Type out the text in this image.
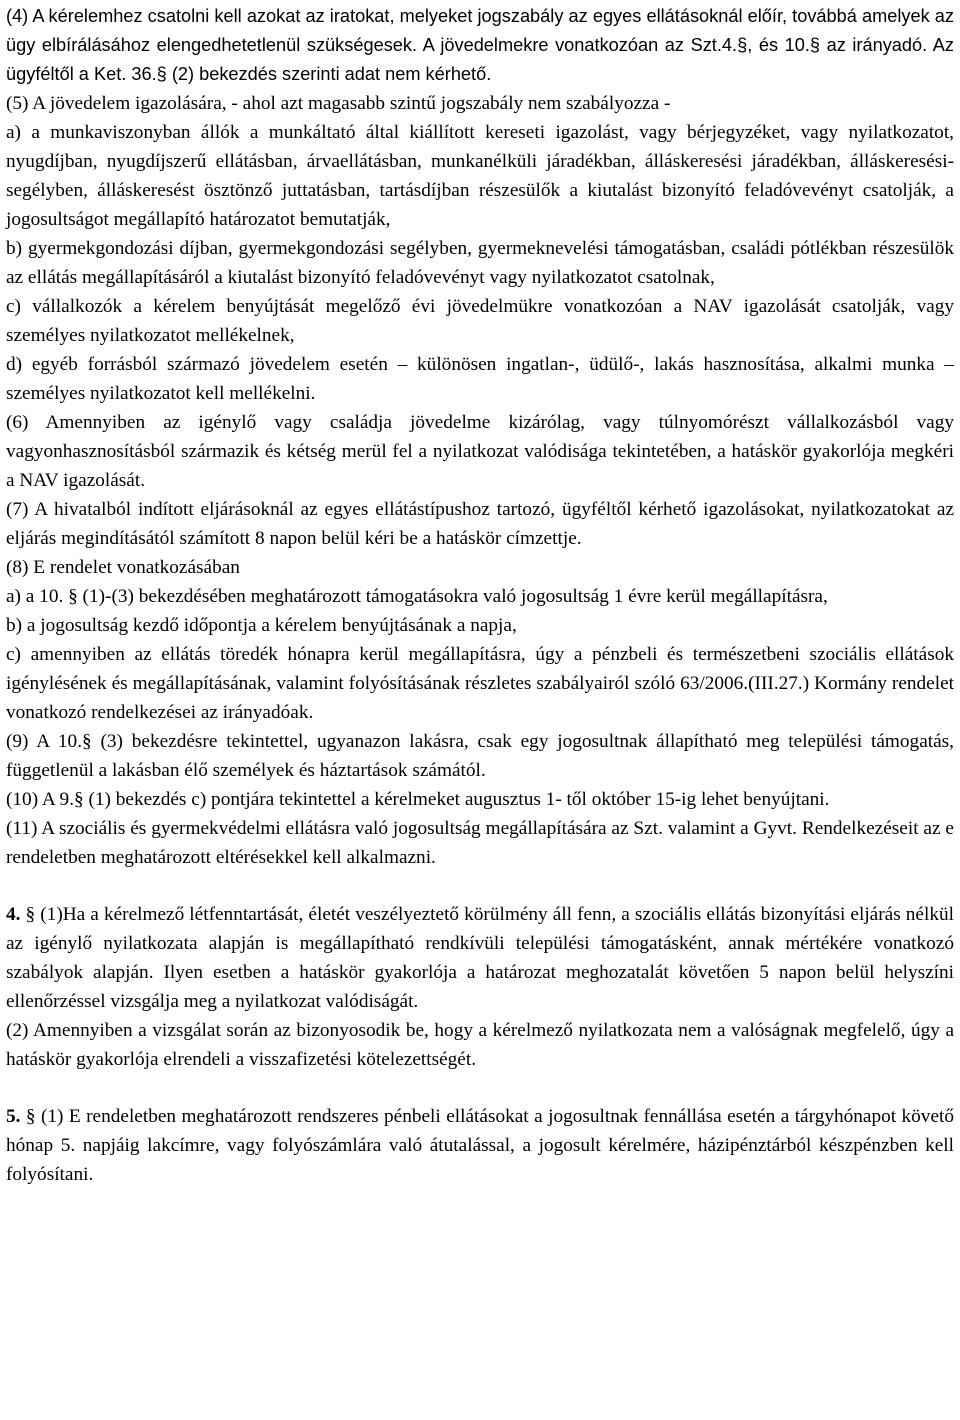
(4) A kérelemhez csatolni kell azokat az iratokat, melyeket jogszabály az egyes ellátásoknál előír, továbbá amelyek az ügy elbírálásához elengedhetetlenül szükségesek. A jövedelmekre vonatkozóan az Szt.4.§, és 10.§ az irányadó. Az ügyféltől a Ket. 36.§ (2) bekezdés szerinti adat nem kérhető.

(5) A jövedelem igazolására, - ahol azt magasabb szintű jogszabály nem szabályozza -

a) a munkaviszonyban állók a munkáltató által kiállított kereseti igazolást, vagy bérjegyzéket, vagy nyilatkozatot, nyugdíjban, nyugdíjszerű ellátásban, árvaellátásban, munkanélküli járadékban, álláskeresési járadékban, álláskeresési-segélyben, álláskeresést ösztönző juttatásban, tartásdíjban részesülők a kiutalást bizonyító feladóvevényt csatolják, a jogosultságot megállapító határozatot bemutatják,

b) gyermekgondozási díjban, gyermekgondozási segélyben, gyermeknevelési támogatásban, családi pótlékban részesülök az ellátás megállapításáról a kiutalást bizonyító feladóvevényt vagy nyilatkozatot csatolnak,

c) vállalkozók a kérelem benyújtását megelőző évi jövedelmükre vonatkozóan a NAV igazolását csatolják, vagy személyes nyilatkozatot mellékelnek,

d) egyéb forrásból származó jövedelem esetén – különösen ingatlan-, üdülő-, lakás hasznosítása, alkalmi munka – személyes nyilatkozatot kell mellékelni.

(6) Amennyiben az igénylő vagy családja jövedelme kizárólag, vagy túlnyomórészt vállalkozásból vagy vagyonhasznosításból származik és kétség merül fel a nyilatkozat valódisága tekintetében, a hatáskör gyakorlója megkéri a NAV igazolását.

(7) A hivatalból indított eljárásoknál az egyes ellátástípushoz tartozó, ügyféltől kérhető igazolásokat, nyilatkozatokat az eljárás megindításától számított 8 napon belül kéri be a hatáskör címzettje.

(8) E rendelet vonatkozásában

a) a 10. § (1)-(3) bekezdésében meghatározott támogatásokra való jogosultság 1 évre kerül megállapításra,

b) a jogosultság kezdő időpontja a kérelem benyújtásának a napja,

c) amennyiben az ellátás töredék hónapra kerül megállapításra, úgy a pénzbeli és természetbeni szociális ellátások igénylésének és megállapításának, valamint folyósításának részletes szabályairól szóló 63/2006.(III.27.) Kormány rendelet vonatkozó rendelkezései az irányadóak.

(9) A 10.§ (3) bekezdésre tekintettel, ugyanazon lakásra, csak egy jogosultnak állapítható meg települési támogatás, függetlenül a lakásban élő személyek és háztartások számától.

(10) A 9.§ (1) bekezdés c) pontjára tekintettel a kérelmeket augusztus 1- től október 15-ig lehet benyújtani.

(11) A szociális és gyermekvédelmi ellátásra való jogosultság megállapítására az Szt. valamint a Gyvt. Rendelkezéseit az e rendeletben meghatározott eltérésekkel kell alkalmazni.

4. § (1)Ha a kérelmező létfenntartását, életét veszélyeztető körülmény áll fenn, a szociális ellátás bizonyítási eljárás nélkül az igénylő nyilatkozata alapján is megállapítható rendkívüli települési támogatásként, annak mértékére vonatkozó szabályok alapján. Ilyen esetben a hatáskör gyakorlója a határozat meghozatalát követően 5 napon belül helyszíni ellenőrzéssel vizsgálja meg a nyilatkozat valódiságát.

(2) Amennyiben a vizsgálat során az bizonyosodik be, hogy a kérelmező nyilatkozata nem a valóságnak megfelelő, úgy a hatáskör gyakorlója elrendeli a visszafizetési kötelezettségét.

5. § (1) E rendeletben meghatározott rendszeres pénbeli ellátásokat a jogosultnak fennállása esetén a tárgyhónapot követő hónap 5. napjáig lakcímre, vagy folyószámlára való átutalással, a jogosult kérelmére, házipénztárból készpénzben kell folyósítani.
